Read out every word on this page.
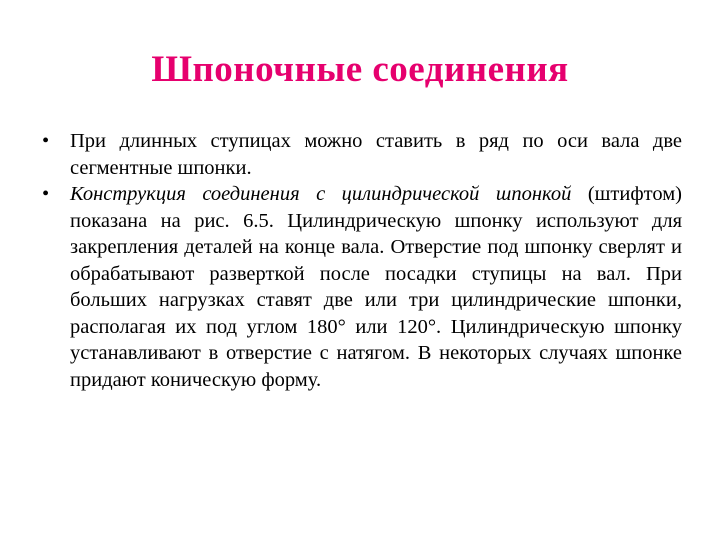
Шпоночные соединения
•	При длинных ступицах можно ставить в ряд по оси вала две сегментные шпонки.
•	Конструкция соединения с цилиндрической шпонкой (штифтом) показана на рис. 6.5. Цилиндрическую шпонку используют для закрепления деталей на конце вала. Отверстие под шпонку сверлят и обрабатывают разверткой после посадки ступицы на вал. При больших нагрузках ставят две или три цилиндрические шпонки, располагая их под углом 180° или 120°. Цилиндрическую шпонку устанавливают в отверстие с натягом. В некоторых случаях шпонке придают коническую форму.
